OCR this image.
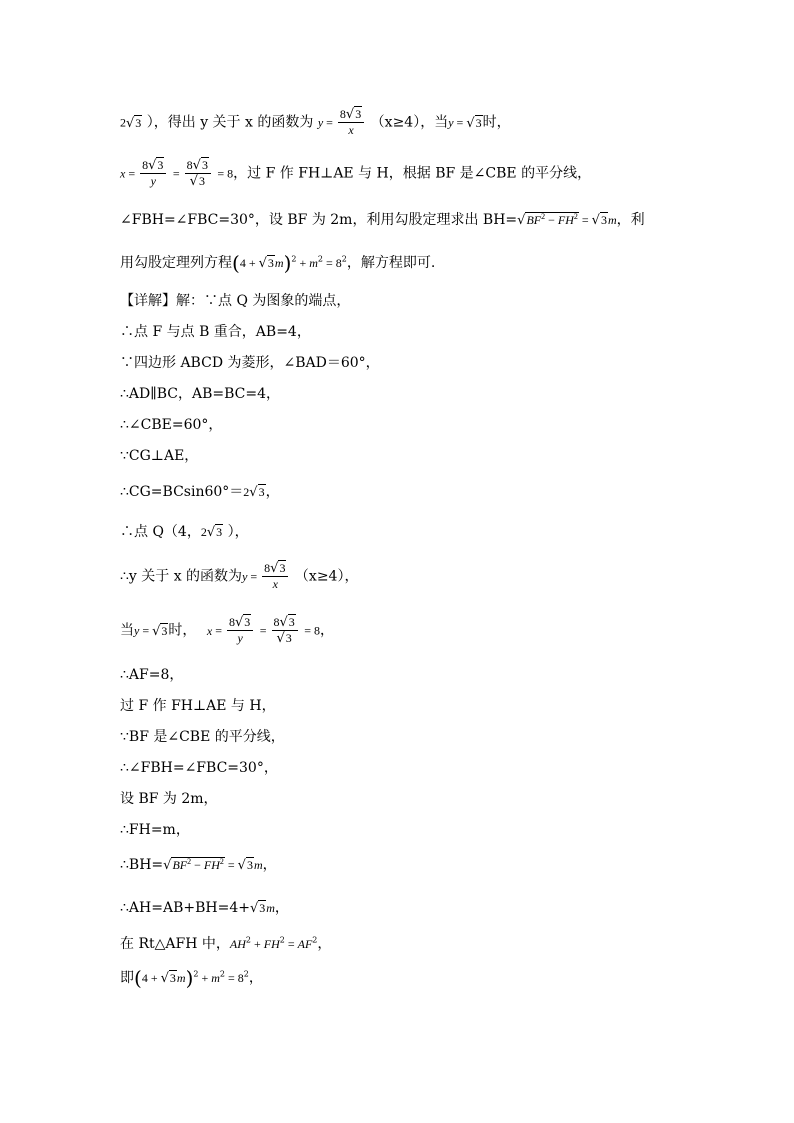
2√3 ），得出 y 关于 x 的函数为 $y = \frac{8√3}{x} (x\ge 4)$，当y = √3时，
$x = \frac{8√3}{y} = \frac{8√3}{√3} = 8$，过 F 作 FH⊥AE 与 H，根据 BF 是∠CBE 的平分线，
∠FBH=∠FBC=30°，设 BF 为 2m，利用勾股定理求出 $BH=√BF^2 - FH^2 = √3m$，利
用勾股定理列方程$(4 + √3m)^2 + m^2 = 8^2$，解方程即可.
【详解】解：∵点 Q 为图象的端点，
∴点 F 与点 B 重合，AB=4，
∵四边形 ABCD 为菱形，∠BAD＝60°，
∴AD∥BC，AB=BC=4，
∴∠CBE=60°，
∵CG⊥AE，
∴CG=BCsin60°＝2√3，
∴点 Q（4，2√3 ），
∴y 关于 x 的函数为$y = \frac{8√3}{x} (x\ge 4)$，
当y = √3时， $x = \frac{8√3}{y} = \frac{8√3}{√3} = 8$，
∴AF=8，
过 F 作 FH⊥AE 与 H，
∵BF 是∠CBE 的平分线，
∴∠FBH=∠FBC=30°，
设 BF 为 2m，
∴FH=m，
$\therefore BH=√BF^2 - FH^2 = √3m$，
∴AH=AB+BH=4+√3m，
在 Rt△AFH 中，$AH^2 + FH^2 = AF^2$，
即$(4 + √3m)^2 + m^2 = 8^2$，
